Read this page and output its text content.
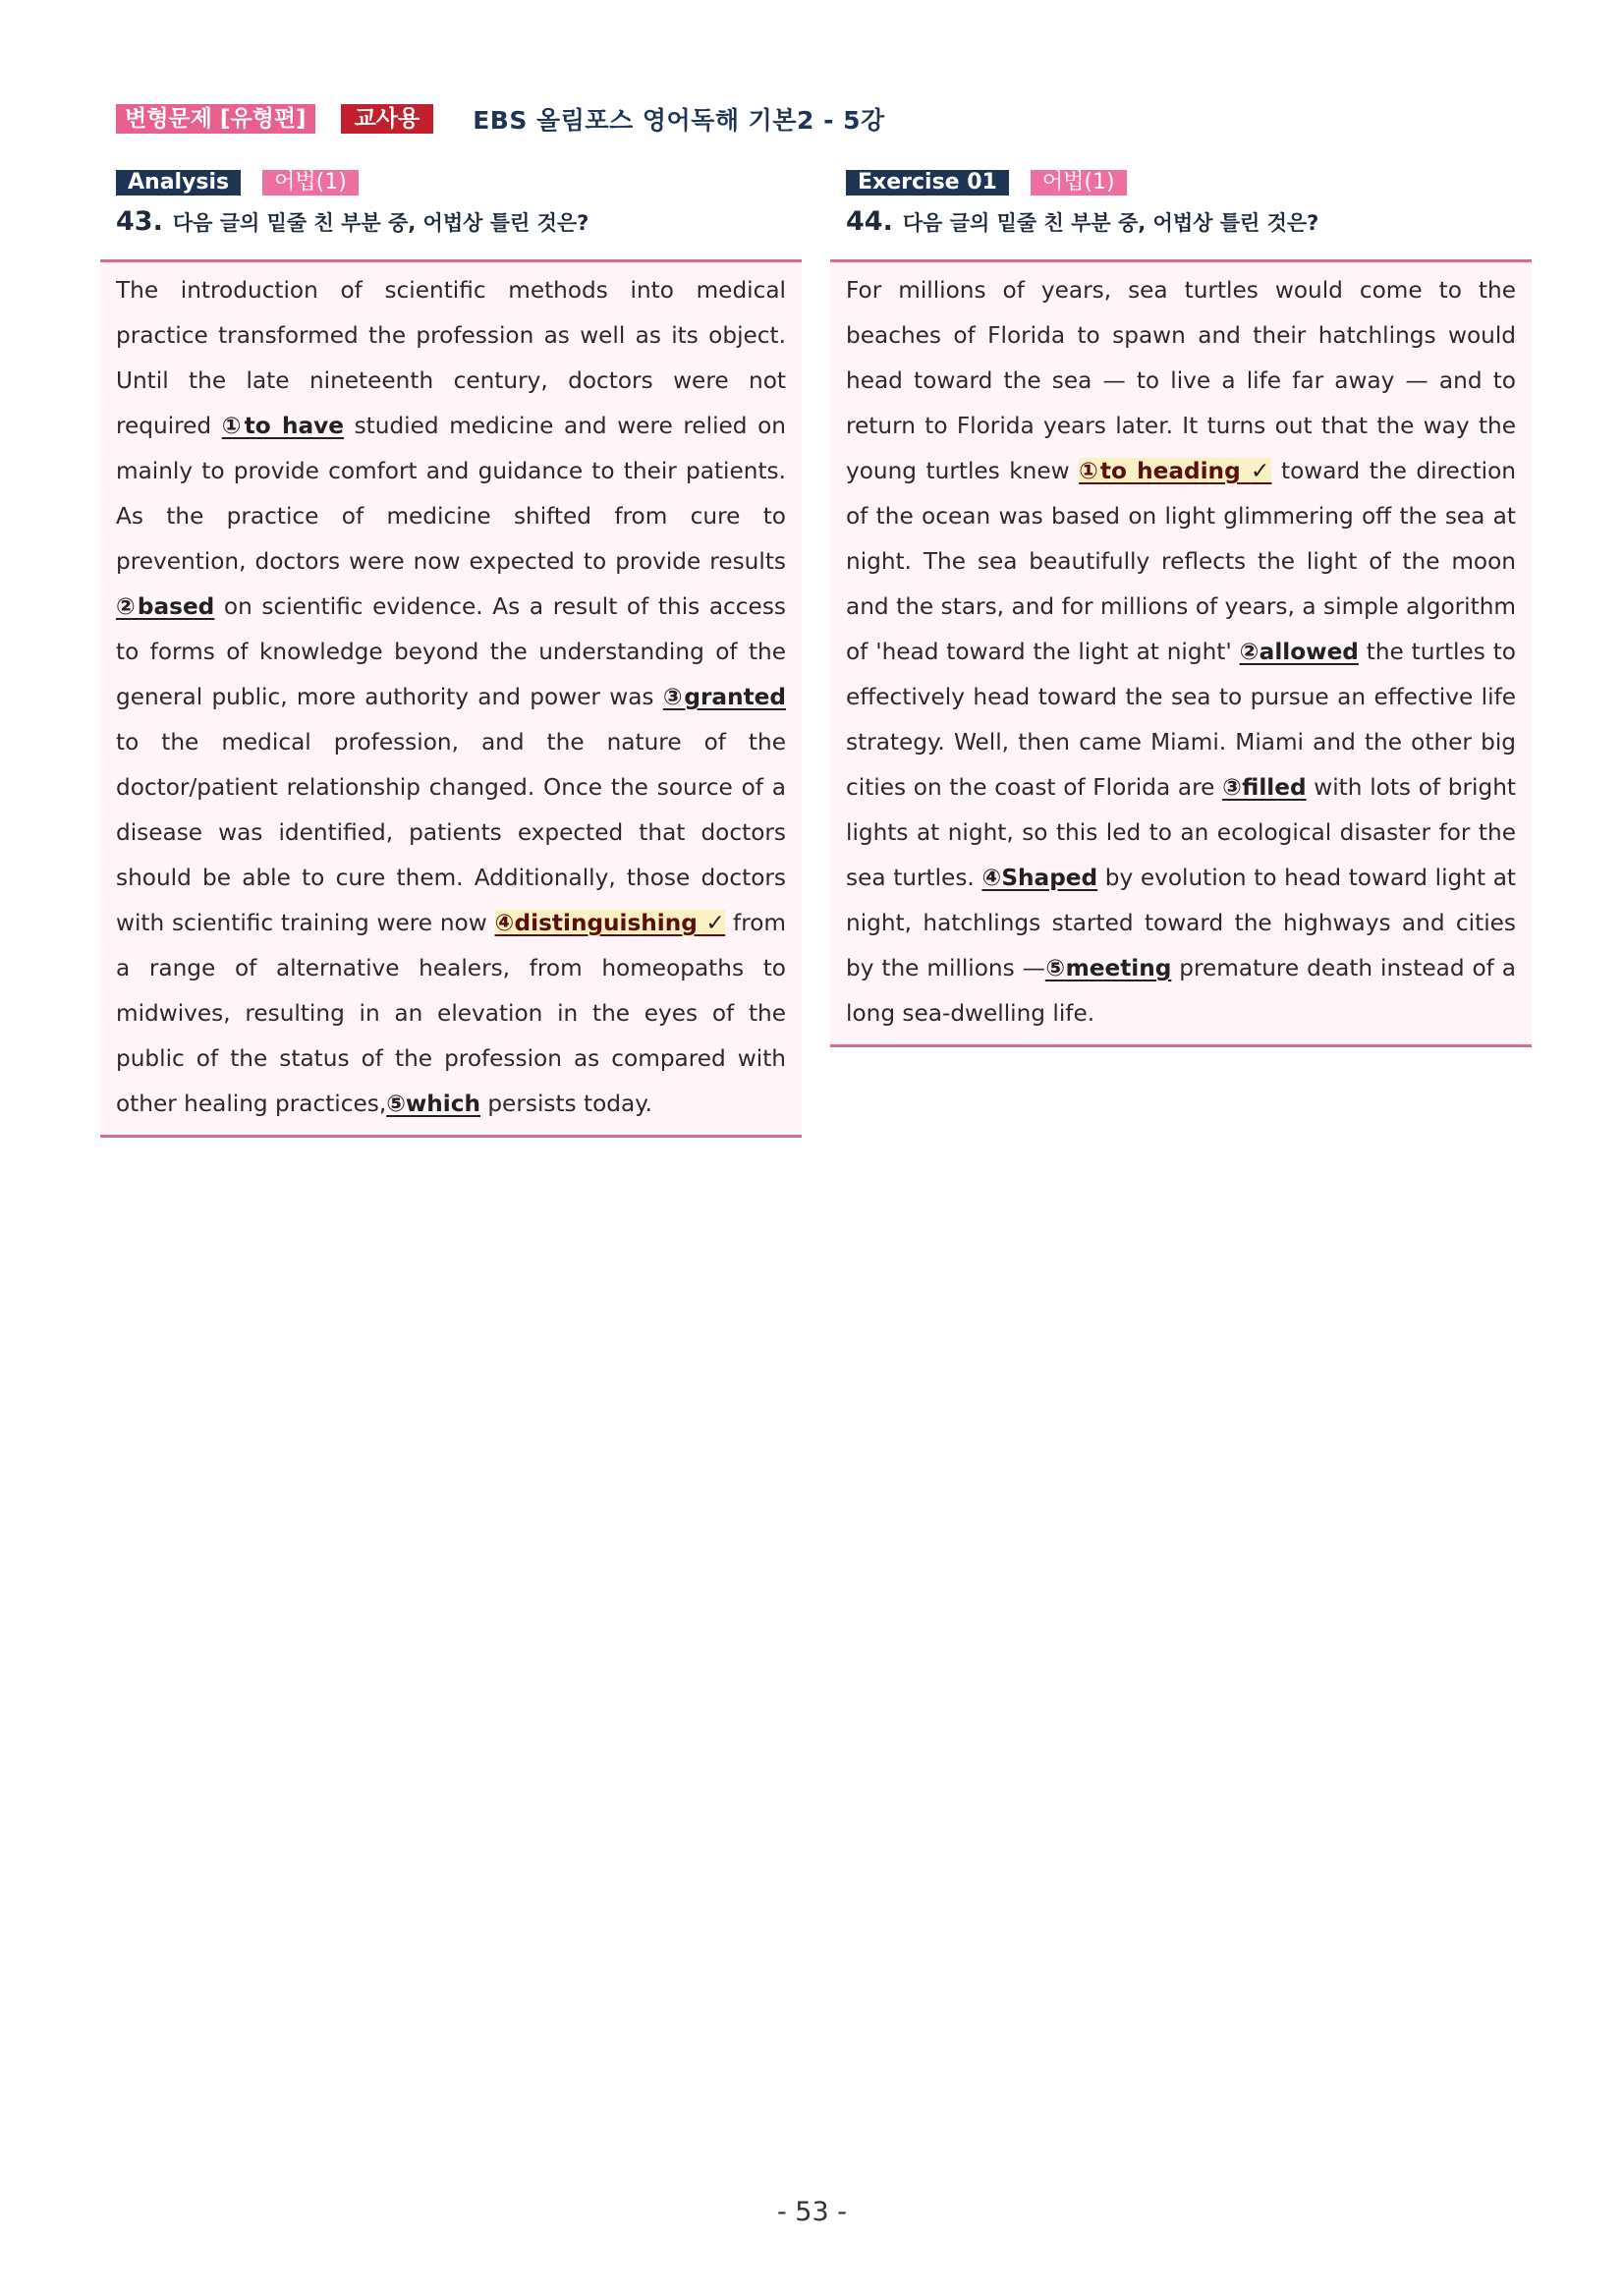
변형문제 [유형편]	교사용	EBS 올림포스 영어독해 기본2 - 5강
Analysis	어법(1)
43. 다음 글의 밑줄 친 부분 중, 어법상 틀린 것은?
The introduction of scientific methods into medical practice transformed the profession as well as its object. Until the late nineteenth century, doctors were not required ①to have studied medicine and were relied on mainly to provide comfort and guidance to their patients. As the practice of medicine shifted from cure to prevention, doctors were now expected to provide results ②based on scientific evidence. As a result of this access to forms of knowledge beyond the understanding of the general public, more authority and power was ③granted to the medical profession, and the nature of the doctor/patient relationship changed. Once the source of a disease was identified, patients expected that doctors should be able to cure them. Additionally, those doctors with scientific training were now ④distinguishing ✓ from a range of alternative healers, from homeopaths to midwives, resulting in an elevation in the eyes of the public of the status of the profession as compared with other healing practices,⑤which persists today.
Exercise 01	어법(1)
44. 다음 글의 밑줄 친 부분 중, 어법상 틀린 것은?
For millions of years, sea turtles would come to the beaches of Florida to spawn and their hatchlings would head toward the sea — to live a life far away — and to return to Florida years later. It turns out that the way the young turtles knew ①to heading ✓ toward the direction of the ocean was based on light glimmering off the sea at night. The sea beautifully reflects the light of the moon and the stars, and for millions of years, a simple algorithm of 'head toward the light at night' ②allowed the turtles to effectively head toward the sea to pursue an effective life strategy. Well, then came Miami. Miami and the other big cities on the coast of Florida are ③filled with lots of bright lights at night, so this led to an ecological disaster for the sea turtles. ④Shaped by evolution to head toward light at night, hatchlings started toward the highways and cities by the millions —⑤meeting premature death instead of a long sea-dwelling life.
- 53 -
